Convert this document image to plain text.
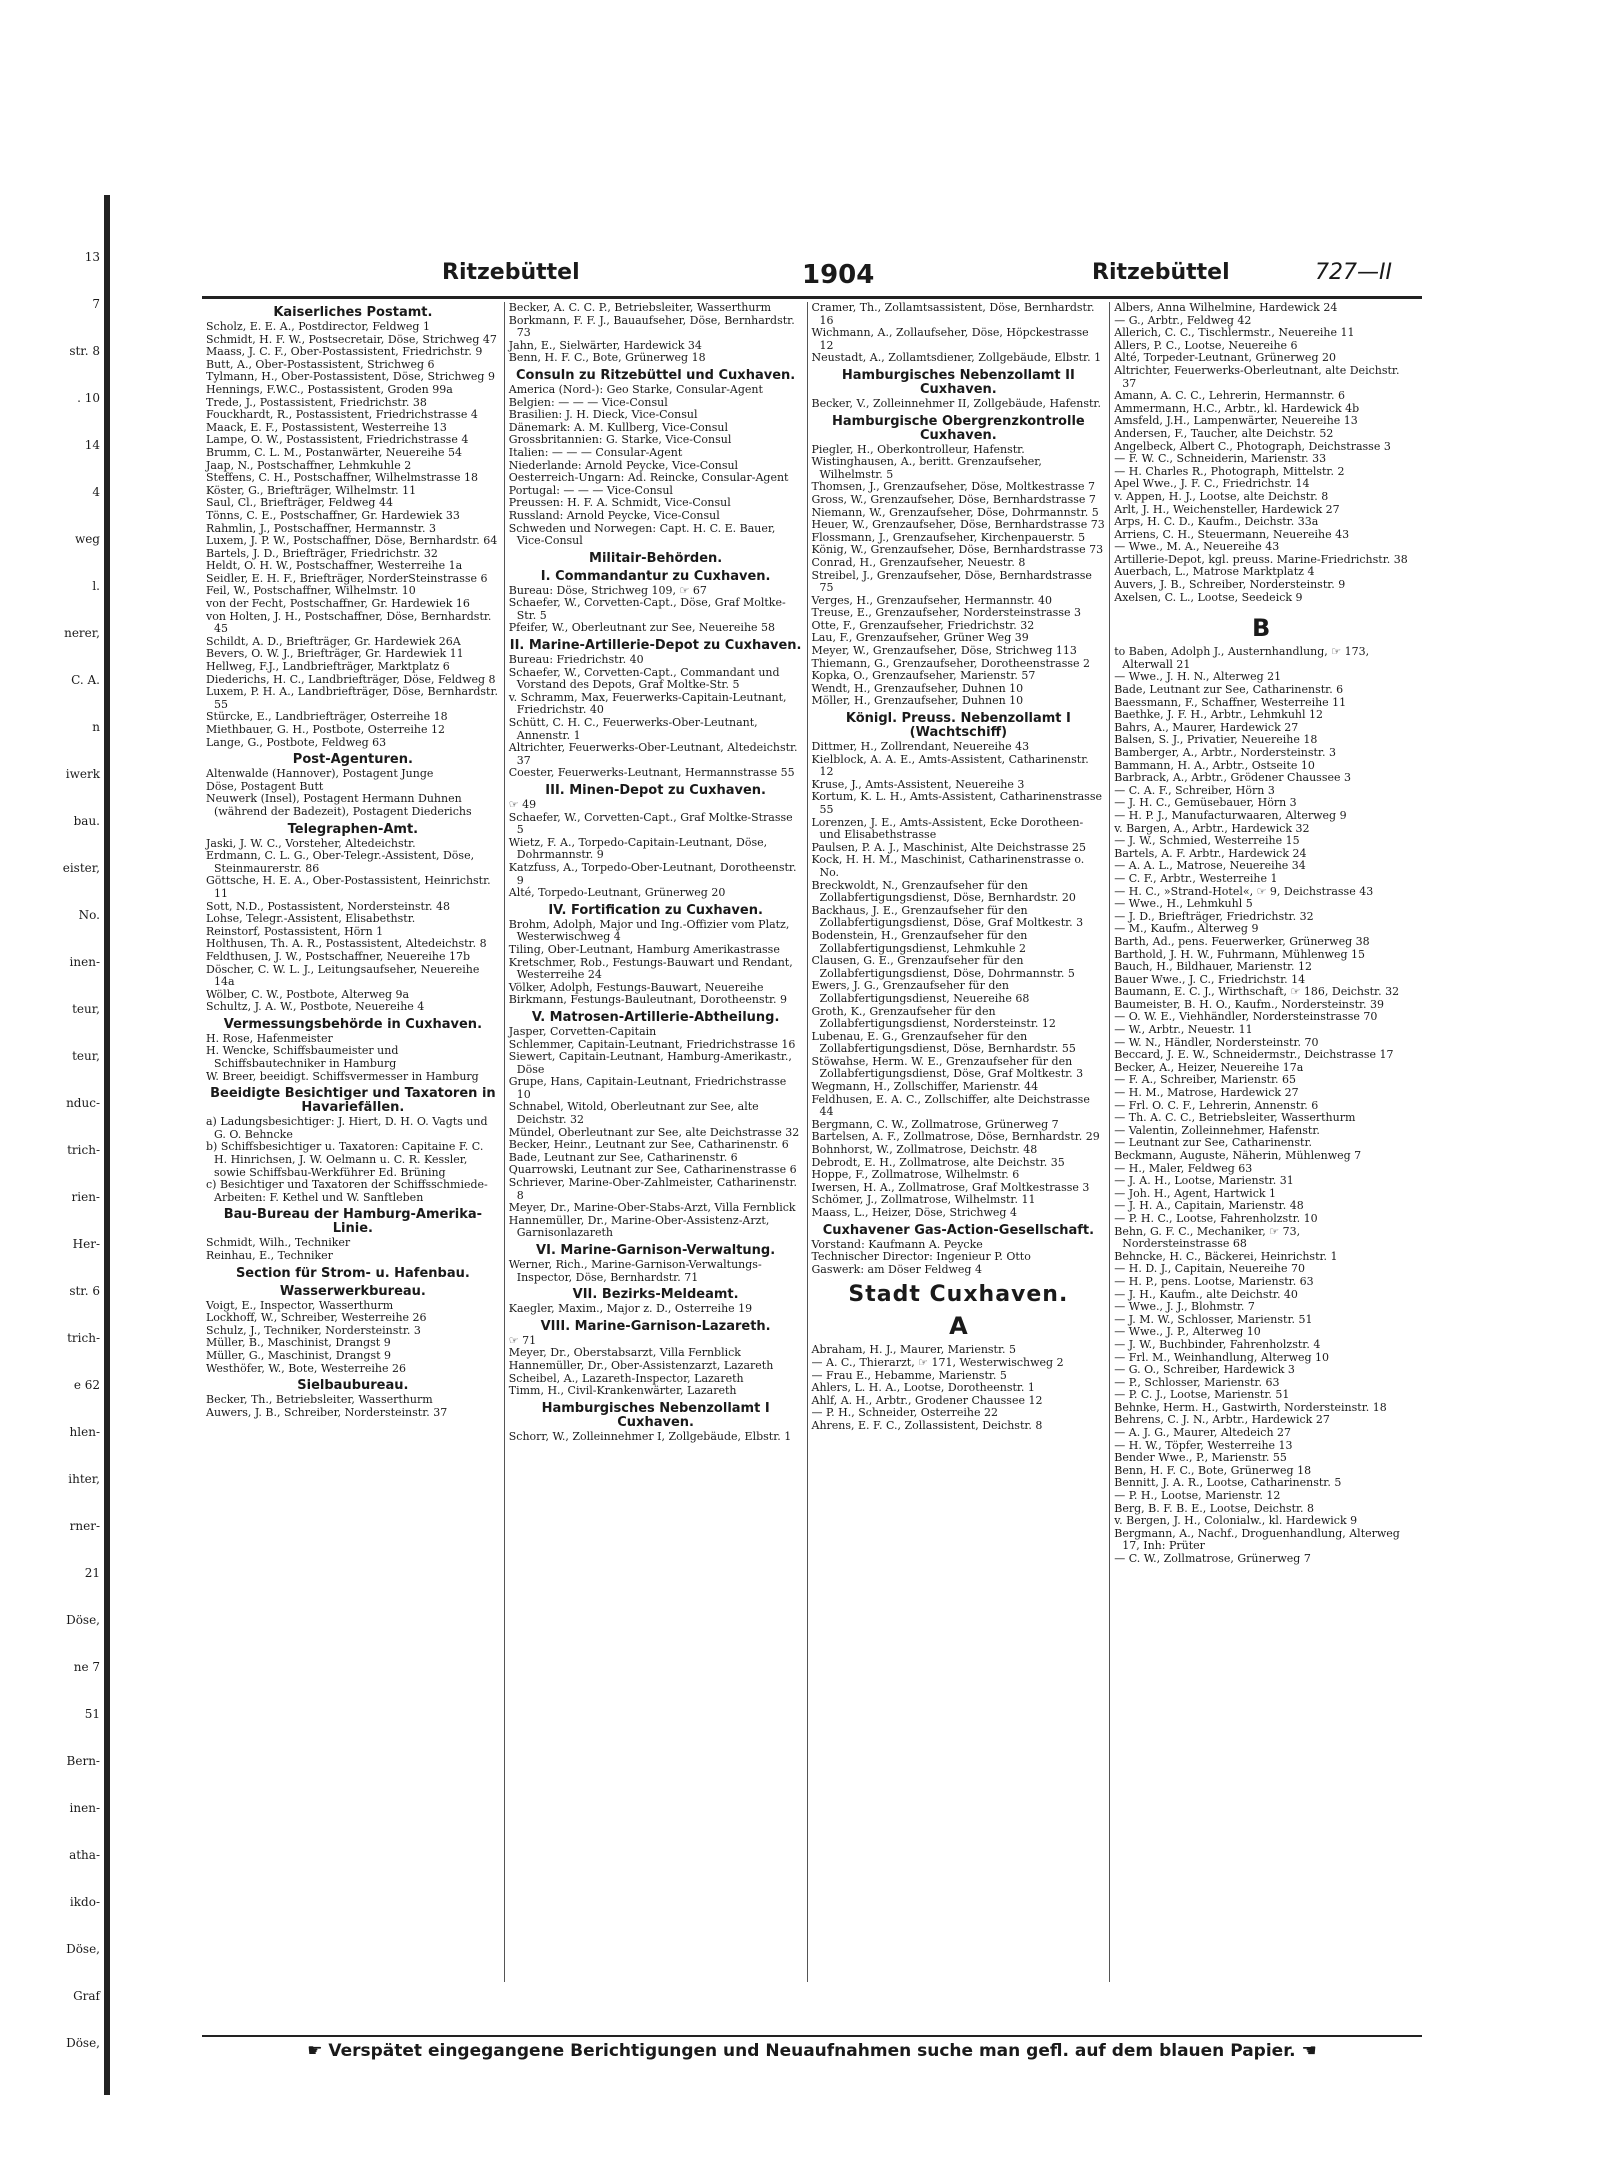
13
7
str. 8
. 10
14
4
weg
l.
nerer,
C. A.
n
iwerk
bau.
eister,
No.
inen-
teur,
teur,
nduc-
trich-
rien-
Her-
str. 6
trich-
e 62
hlen-
ihter,
rner-
21
Döse,
ne 7
51
Bern-
inen-
atha-
ikdo-
Döse,
Graf
Döse,
Ritzebüttel	1904	Ritzebüttel	727—II
Kaiserliches Postamt.
Scholz, E. E. A., Postdirector, Feldweg 1
Schmidt, H. F. W., Postsecretair, Döse, Strichweg 47
Maass, J. C. F., Ober-Postassistent, Friedrichstr. 9
Butt, A., Ober-Postassistent, Strichweg 6
Tylmann, H., Ober-Postassistent, Döse, Strichweg 9
Hennings, F.W.C., Postassistent, Groden 99a
Trede, J., Postassistent, Friedrichstr. 38
Fouckhardt, R., Postassistent, Friedrichstrasse 4
Maack, E. F., Postassistent, Westerreihe 13
Lampe, O. W., Postassistent, Friedrichstrasse 4
Brumm, C. L. M., Postanwärter, Neuereihe 54
Jaap, N., Postschaffner, Lehmkuhle 2
Steffens, C. H., Postschaffner, Wilhelmstrasse 18
Köster, G., Briefträger, Wilhelmstr. 11
Saul, Cl., Briefträger, Feldweg 44
Tönns, C. E., Postschaffner, Gr. Hardewiek 33
Rahmlin, J., Postschaffner, Hermannstr. 3
Luxem, J. P. W., Postschaffner, Döse, Bernhardstr. 64
Bartels, J. D., Briefträger, Friedrichstr. 32
Heldt, O. H. W., Postschaffner, Westerreihe 1a
Seidler, E. H. F., Briefträger, NorderSteinstrasse 6
Feil, W., Postschaffner, Wilhelmstr. 10
von der Fecht, Postschaffner, Gr. Hardewiek 16
von Holten, J. H., Postschaffner, Döse, Bernhardstr. 45
Schildt, A. D., Briefträger, Gr. Hardewiek 26A
Bevers, O. W. J., Briefträger, Gr. Hardewiek 11
Hellweg, F.J., Landbriefträger, Marktplatz 6
Diederichs, H. C., Landbriefträger, Döse, Feldweg 8
Luxem, P. H. A., Landbriefträger, Döse, Bernhardstr. 55
Stürcke, E., Landbriefträger, Osterreihe 18
Miethbauer, G. H., Postbote, Osterreihe 12
Lange, G., Postbote, Feldweg 63
Post-Agenturen.
Altenwalde (Hannover), Postagent Junge
Döse, Postagent Butt
Neuwerk (Insel), Postagent Hermann Duhnen (während der Badezeit), Postagent Diederichs
Telegraphen-Amt.
Jaski, J. W. C., Vorsteher, Altedeichstr.
Erdmann, C. L. G., Ober-Telegr.-Assistent, Döse, Steinmaurerstr. 86
Göttsche, H. E. A., Ober-Postassistent, Heinrichstr. 11
Sott, N.D., Postassistent, Nordersteinstr. 48
Lohse, Telegr.-Assistent, Elisabethstr.
Reinstorf, Postassistent, Hörn 1
Holthusen, Th. A. R., Postassistent, Altedeichstr. 8
Feldthusen, J. W., Postschaffner, Neuereihe 17b
Döscher, C. W. L. J., Leitungsaufseher, Neuereihe 14a
Wölber, C. W., Postbote, Alterweg 9a
Schultz, J. A. W., Postbote, Neuereihe 4
Vermessungsbehörde in Cuxhaven.
H. Rose, Hafenmeister
H. Wencke, Schiffsbaumeister und Schiffsbautechniker in Hamburg
W. Breer, beeidigt. Schiffsvermesser in Hamburg
Beeidigte Besichtiger und Taxatoren in Havariefällen.
a) Ladungsbesichtiger: J. Hiert, D. H. O. Vagts und G. O. Behncke
b) Schiffsbesichtiger u. Taxatoren: Capitaine F. C. H. Hinrichsen, J. W. Oelmann u. C. R. Kessler, sowie Schiffsbau-Werkführer Ed. Brüning
c) Besichtiger und Taxatoren der Schiffsschmiede-Arbeiten: F. Kethel und W. Sanftleben
Bau-Bureau der Hamburg-Amerika-Linie.
Schmidt, Wilh., Techniker
Reinhau, E., Techniker
Section für Strom- u. Hafenbau.
Wasserwerkbureau.
Voigt, E., Inspector, Wasserthurm
Lockhoff, W., Schreiber, Westerreihe 26
Schulz, J., Techniker, Nordersteinstr. 3
Müller, B., Maschinist, Drangst 9
Müller, G., Maschinist, Drangst 9
Westhöfer, W., Bote, Westerreihe 26
Sielbaubureau.
Becker, Th., Betriebsleiter, Wasserthurm
Auwers, J. B., Schreiber, Nordersteinstr. 37
Becker, A. C. C. P., Betriebsleiter, Wasserthurm
Borkmann, F. F. J., Bauaufseher, Döse, Bernhardstr. 73
Jahn, E., Sielwärter, Hardewick 34
Benn, H. F. C., Bote, Grünerweg 18
Consuln zu Ritzebüttel und Cuxhaven.
America (Nord-): Geo Starke, Consular-Agent
Belgien: — — — Vice-Consul
Brasilien: J. H. Dieck, Vice-Consul
Dänemark: A. M. Kullberg, Vice-Consul
Grossbritannien: G. Starke, Vice-Consul
Italien: — — — Consular-Agent
Niederlande: Arnold Peycke, Vice-Consul
Oesterreich-Ungarn: Ad. Reincke, Consular-Agent
Portugal: — — — Vice-Consul
Preussen: H. F. A. Schmidt, Vice-Consul
Russland: Arnold Peycke, Vice-Consul
Schweden und Norwegen: Capt. H. C. E. Bauer, Vice-Consul
Militair-Behörden.
I. Commandantur zu Cuxhaven.
Bureau: Döse, Strichweg 109, ☞ 67
Schaefer, W., Corvetten-Capt., Döse, Graf Moltke-Str. 5
Pfeifer, W., Oberleutnant zur See, Neuereihe 58
II. Marine-Artillerie-Depot zu Cuxhaven.
Bureau: Friedrichstr. 40
Schaefer, W., Corvetten-Capt., Commandant und Vorstand des Depots, Graf Moltke-Str. 5
v. Schramm, Max, Feuerwerks-Capitain-Leutnant, Friedrichstr. 40
Schütt, C. H. C., Feuerwerks-Ober-Leutnant, Annenstr. 1
Altrichter, Feuerwerks-Ober-Leutnant, Altedeichstr. 37
Coester, Feuerwerks-Leutnant, Hermannstrasse 55
III. Minen-Depot zu Cuxhaven.
☞ 49
Schaefer, W., Corvetten-Capt., Graf Moltke-Strasse 5
Wietz, F. A., Torpedo-Capitain-Leutnant, Döse, Dohrmannstr. 9
Katzfuss, A., Torpedo-Ober-Leutnant, Dorotheenstr. 9
Alté, Torpedo-Leutnant, Grünerweg 20
IV. Fortification zu Cuxhaven.
Brohm, Adolph, Major und Ing.-Offizier vom Platz, Westerwischweg 4
Tiling, Ober-Leutnant, Hamburg Amerikastrasse
Kretschmer, Rob., Festungs-Bauwart und Rendant, Westerreihe 24
Völker, Adolph, Festungs-Bauwart, Neuereihe
Birkmann, Festungs-Bauleutnant, Dorotheenstr. 9
V. Matrosen-Artillerie-Abtheilung.
Jasper, Corvetten-Capitain
Schlemmer, Capitain-Leutnant, Friedrichstrasse 16
Siewert, Capitain-Leutnant, Hamburg-Amerikastr., Döse
Grupe, Hans, Capitain-Leutnant, Friedrichstrasse 10
Schnabel, Witold, Oberleutnant zur See, alte Deichstr. 32
Mündel, Oberleutnant zur See, alte Deichstrasse 32
Becker, Heinr., Leutnant zur See, Catharinenstr. 6
Bade, Leutnant zur See, Catharinenstr. 6
Quarrowski, Leutnant zur See, Catharinenstrasse 6
Schriever, Marine-Ober-Zahlmeister, Catharinenstr. 8
Meyer, Dr., Marine-Ober-Stabs-Arzt, Villa Fernblick
Hannemüller, Dr., Marine-Ober-Assistenz-Arzt, Garnisonlazareth
VI. Marine-Garnison-Verwaltung.
Werner, Rich., Marine-Garnison-Verwaltungs-Inspector, Döse, Bernhardstr. 71
VII. Bezirks-Meldeamt.
Kaegler, Maxim., Major z. D., Osterreihe 19
VIII. Marine-Garnison-Lazareth.
☞ 71
Meyer, Dr., Oberstabsarzt, Villa Fernblick
Hannemüller, Dr., Ober-Assistenzarzt, Lazareth
Scheibel, A., Lazareth-Inspector, Lazareth
Timm, H., Civil-Krankenwärter, Lazareth
Hamburgisches Nebenzollamt I Cuxhaven.
Schorr, W., Zolleinnehmer I, Zollgebäude, Elbstr. 1
Cramer, Th., Zollamtsassistent, Döse, Bernhardstr. 16
Wichmann, A., Zollaufseher, Döse, Höpckestrasse 12
Neustadt, A., Zollamtsdiener, Zollgebäude, Elbstr. 1
Hamburgisches Nebenzollamt II Cuxhaven.
Becker, V., Zolleinnehmer II, Zollgebäude, Hafenstr.
Hamburgische Obergrenzkontrolle Cuxhaven.
Piegler, H., Oberkontrolleur, Hafenstr.
Wistinghausen, A., beritt. Grenzaufseher, Wilhelmstr. 5
Thomsen, J., Grenzaufseher, Döse, Moltkestrasse 7
Gross, W., Grenzaufseher, Döse, Bernhardstrasse 7
Niemann, W., Grenzaufseher, Döse, Dohrmannstr. 5
Heuer, W., Grenzaufseher, Döse, Bernhardstrasse 73
Flossmann, J., Grenzaufseher, Kirchenpauerstr. 5
König, W., Grenzaufseher, Döse, Bernhardstrasse 73
Conrad, H., Grenzaufseher, Neuestr. 8
Streibel, J., Grenzaufseher, Döse, Bernhardstrasse 75
Verges, H., Grenzaufseher, Hermannstr. 40
Treuse, E., Grenzaufseher, Nordersteinstrasse 3
Otte, F., Grenzaufseher, Friedrichstr. 32
Lau, F., Grenzaufseher, Grüner Weg 39
Meyer, W., Grenzaufseher, Döse, Strichweg 113
Thiemann, G., Grenzaufseher, Dorotheenstrasse 2
Kopka, O., Grenzaufseher, Marienstr. 57
Wendt, H., Grenzaufseher, Duhnen 10
Möller, H., Grenzaufseher, Duhnen 10
Königl. Preuss. Nebenzollamt I (Wachtschiff)
Dittmer, H., Zollrendant, Neuereihe 43
Kielblock, A. A. E., Amts-Assistent, Catharinenstr. 12
Kruse, J., Amts-Assistent, Neuereihe 3
Kortum, K. L. H., Amts-Assistent, Catharinenstrasse 55
Lorenzen, J. E., Amts-Assistent, Ecke Dorotheen- und Elisabethstrasse
Paulsen, P. A. J., Maschinist, Alte Deichstrasse 25
Kock, H. H. M., Maschinist, Catharinenstrasse o. No.
Breckwoldt, N., Grenzaufseher für den Zollabfertigungsdienst, Döse, Bernhardstr. 20
Backhaus, J. E., Grenzaufseher für den Zollabfertigungsdienst, Döse, Graf Moltkestr. 3
Bodenstein, H., Grenzaufseher für den Zollabfertigungsdienst, Lehmkuhle 2
Clausen, G. E., Grenzaufseher für den Zollabfertigungsdienst, Döse, Dohrmannstr. 5
Ewers, J. G., Grenzaufseher für den Zollabfertigungsdienst, Neuereihe 68
Groth, K., Grenzaufseher für den Zollabfertigungsdienst, Nordersteinstr. 12
Lubenau, E. G., Grenzaufseher für den Zollabfertigungsdienst, Döse, Bernhardstr. 55
Stöwahse, Herm. W. E., Grenzaufseher für den Zollabfertigungsdienst, Döse, Graf Moltkestr. 3
Wegmann, H., Zollschiffer, Marienstr. 44
Feldhusen, E. A. C., Zollschiffer, alte Deichstrasse 44
Bergmann, C. W., Zollmatrose, Grünerweg 7
Bartelsen, A. F., Zollmatrose, Döse, Bernhardstr. 29
Bohnhorst, W., Zollmatrose, Deichstr. 48
Debrodt, E. H., Zollmatrose, alte Deichstr. 35
Hoppe, F., Zollmatrose, Wilhelmstr. 6
Iwersen, H. A., Zollmatrose, Graf Moltkestrasse 3
Schömer, J., Zollmatrose, Wilhelmstr. 11
Maass, L., Heizer, Döse, Strichweg 4
Cuxhavener Gas-Action-Gesellschaft.
Vorstand: Kaufmann A. Peycke
Technischer Director: Ingenieur P. Otto
Gaswerk: am Döser Feldweg 4
Stadt Cuxhaven.
A
Abraham, H. J., Maurer, Marienstr. 5
— A. C., Thierarzt, ☞ 171, Westerwischweg 2
— Frau E., Hebamme, Marienstr. 5
Ahlers, L. H. A., Lootse, Dorotheenstr. 1
Ahlf, A. H., Arbtr., Grodener Chaussee 12
— P. H., Schneider, Osterreihe 22
Ahrens, E. F. C., Zollassistent, Deichstr. 8
Albers, Anna Wilhelmine, Hardewick 24
— G., Arbtr., Feldweg 42
Allerich, C. C., Tischlermstr., Neuereihe 11
Allers, P. C., Lootse, Neuereihe 6
Alté, Torpeder-Leutnant, Grünerweg 20
Altrichter, Feuerwerks-Oberleutnant, alte Deichstr. 37
Amann, A. C. C., Lehrerin, Hermannstr. 6
Ammermann, H.C., Arbtr., kl. Hardewick 4b
Amsfeld, J.H., Lampenwärter, Neuereihe 13
Andersen, F., Taucher, alte Deichstr. 52
Angelbeck, Albert C., Photograph, Deichstrasse 3
— F. W. C., Schneiderin, Marienstr. 33
— H. Charles R., Photograph, Mittelstr. 2
Apel Wwe., J. F. C., Friedrichstr. 14
v. Appen, H. J., Lootse, alte Deichstr. 8
Arlt, J. H., Weichensteller, Hardewick 27
Arps, H. C. D., Kaufm., Deichstr. 33a
Arriens, C. H., Steuermann, Neuereihe 43
— Wwe., M. A., Neuereihe 43
Artillerie-Depot, kgl. preuss. Marine-Friedrichstr. 38
Auerbach, L., Matrose Marktplatz 4
Auvers, J. B., Schreiber, Nordersteinstr. 9
Axelsen, C. L., Lootse, Seedeick 9
B
to Baben, Adolph J., Austernhandlung, ☞ 173, Alterwall 21
— Wwe., J. H. N., Alterweg 21
Bade, Leutnant zur See, Catharinenstr. 6
Baessmann, F., Schaffner, Westerreihe 11
Baethke, J. F. H., Arbtr., Lehmkuhl 12
Bahrs, A., Maurer, Hardewick 27
Balsen, S. J., Privatier, Neuereihe 18
Bamberger, A., Arbtr., Nordersteinstr. 3
Bammann, H. A., Arbtr., Ostseite 10
Barbrack, A., Arbtr., Grödener Chaussee 3
— C. A. F., Schreiber, Hörn 3
— J. H. C., Gemüsebauer, Hörn 3
— H. P. J., Manufacturwaaren, Alterweg 9
v. Bargen, A., Arbtr., Hardewick 32
— J. W., Schmied, Westerreihe 15
Bartels, A. F. Arbtr., Hardewick 24
— A. A. L., Matrose, Neuereihe 34
— C. F., Arbtr., Westerreihe 1
— H. C., »Strand-Hotel«, ☞ 9, Deichstrasse 43
— Wwe., H., Lehmkuhl 5
— J. D., Briefträger, Friedrichstr. 32
— M., Kaufm., Alterweg 9
Barth, Ad., pens. Feuerwerker, Grünerweg 38
Barthold, J. H. W., Fuhrmann, Mühlenweg 15
Bauch, H., Bildhauer, Marienstr. 12
Bauer Wwe., J. C., Friedrichstr. 14
Baumann, E. C. J., Wirthschaft, ☞ 186, Deichstr. 32
Baumeister, B. H. O., Kaufm., Nordersteinstr. 39
— O. W. E., Viehhändler, Nordersteinstrasse 70
— W., Arbtr., Neuestr. 11
— W. N., Händler, Nordersteinstr. 70
Beccard, J. E. W., Schneidermstr., Deichstrasse 17
Becker, A., Heizer, Neuereihe 17a
— F. A., Schreiber, Marienstr. 65
— H. M., Matrose, Hardewick 27
— Frl. O. C. F., Lehrerin, Annenstr. 6
— Th. A. C. C., Betriebsleiter, Wasserthurm
— Valentin, Zolleinnehmer, Hafenstr.
— Leutnant zur See, Catharinenstr.
Beckmann, Auguste, Näherin, Mühlenweg 7
— H., Maler, Feldweg 63
— J. A. H., Lootse, Marienstr. 31
— Joh. H., Agent, Hartwick 1
— J. H. A., Capitain, Marienstr. 48
— P. H. C., Lootse, Fahrenholzstr. 10
Behn, G. F. C., Mechaniker, ☞ 73, Nordersteinstrasse 68
Behncke, H. C., Bäckerei, Heinrichstr. 1
— H. D. J., Capitain, Neuereihe 70
— H. P., pens. Lootse, Marienstr. 63
— J. H., Kaufm., alte Deichstr. 40
— Wwe., J. J., Blohmstr. 7
— J. M. W., Schlosser, Marienstr. 51
— Wwe., J. P., Alterweg 10
— J. W., Buchbinder, Fahrenholzstr. 4
— Frl. M., Weinhandlung, Alterweg 10
— G. O., Schreiber, Hardewick 3
— P., Schlosser, Marienstr. 63
— P. C. J., Lootse, Marienstr. 51
Behnke, Herm. H., Gastwirth, Nordersteinstr. 18
Behrens, C. J. N., Arbtr., Hardewick 27
— A. J. G., Maurer, Altedeich 27
— H. W., Töpfer, Westerreihe 13
Bender Wwe., P., Marienstr. 55
Benn, H. F. C., Bote, Grünerweg 18
Bennitt, J. A. R., Lootse, Catharinenstr. 5
— P. H., Lootse, Marienstr. 12
Berg, B. F. B. E., Lootse, Deichstr. 8
v. Bergen, J. H., Colonialw., kl. Hardewick 9
Bergmann, A., Nachf., Droguenhandlung, Alterweg 17, Inh: Prüter
— C. W., Zollmatrose, Grünerweg 7
☛ Verspätet eingegangene Berichtigungen und Neuaufnahmen suche man gefl. auf dem blauen Papier. ☚
